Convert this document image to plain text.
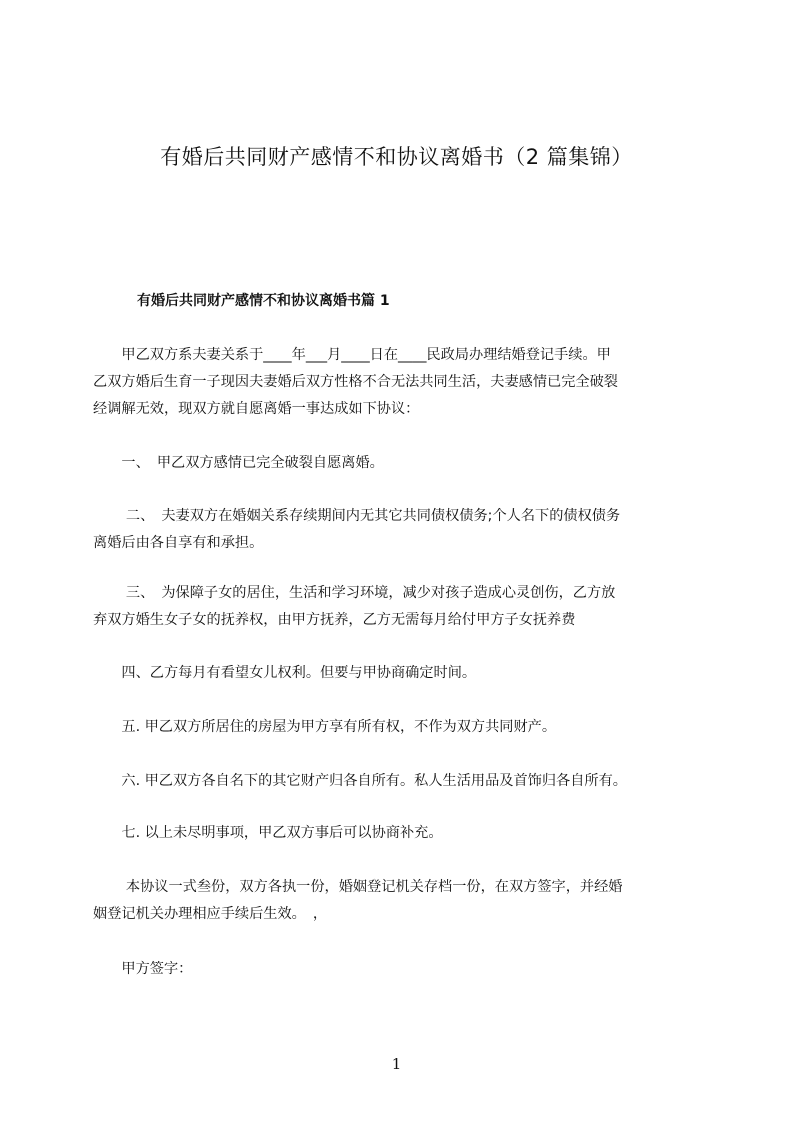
有婚后共同财产感情不和协议离婚书（2 篇集锦）
有婚后共同财产感情不和协议离婚书篇 1
　　甲乙双方系夫妻关系于____年___月____日在____民政局办理结婚登记手续。甲
乙双方婚后生育一子现因夫妻婚后双方性格不合无法共同生活，夫妻感情已完全破裂
经调解无效，现双方就自愿离婚一事达成如下协议：
　　一、　甲乙双方感情已完全破裂自愿离婚。
　　 二、　夫妻双方在婚姻关系存续期间内无其它共同债权债务;个人名下的债权债务
离婚后由各自享有和承担。
　　 三、　为保障子女的居住，生活和学习环境，减少对孩子造成心灵创伤，乙方放
弃双方婚生女子女的抚养权，由甲方抚养，乙方无需每月给付甲方子女抚养费
　　四、乙方每月有看望女儿权利。但要与甲协商确定时间。
　　五. 甲乙双方所居住的房屋为甲方享有所有权，不作为双方共同财产。
　　六. 甲乙双方各自名下的其它财产归各自所有。私人生活用品及首饰归各自所有。
　　七. 以上未尽明事项，甲乙双方事后可以协商补充。
　　 本协议一式叁份，双方各执一份，婚姻登记机关存档一份，在双方签字，并经婚
姻登记机关办理相应手续后生效。　，
　　甲方签字：
1
